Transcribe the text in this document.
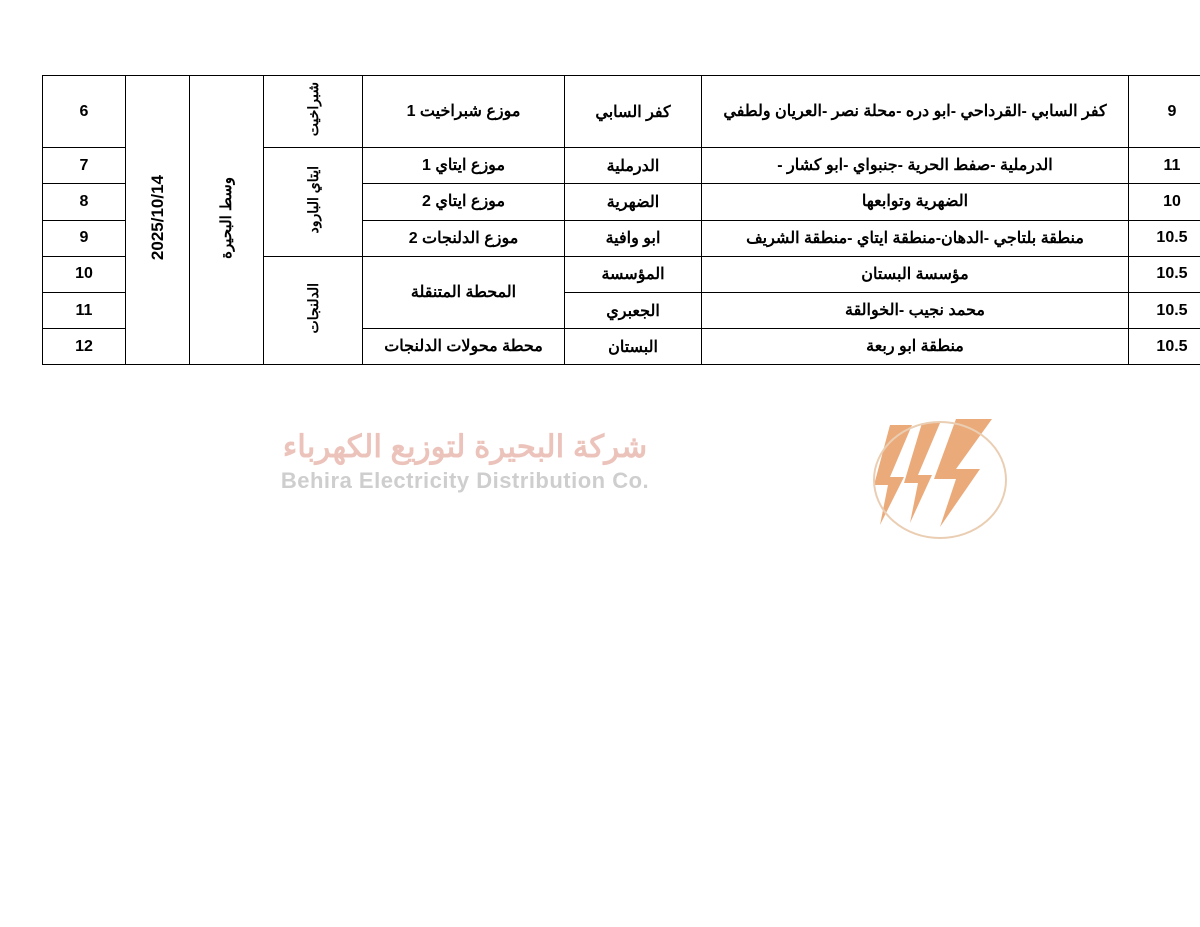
شركة البحيرة لتوزيع الكهرباء
Behira Electricity Distribution Co.
	9	كفر السابي -القرداحي -ابو دره -محلة نصر -العريان ولطفي	كفر السابي	موزع شبراخيت 1	شبراخيت	وسط البحيرة	2025/10/14	6
	11	الدرملية -صفط الحرية -جنبواي -ابو كشار -	الدرملية	موزع ايتاي 1	ايتاي البارود			7
	10	الضهرية وتوابعها	الضهرية	موزع ايتاي 2				8
	10.5	منطقة بلتاجي -الدهان-منطقة ايتاي -منطقة الشريف	ابو وافية	موزع الدلنجات 2				9
	10.5	مؤسسة البستان	المؤسسة	المحطة المتنقلة	الدلنجات			10
	10.5	محمد نجيب -الخوالقة	الجعبري					11
	10.5	منطقة ابو ربعة	البستان	محطة محولات الدلنجات				12
